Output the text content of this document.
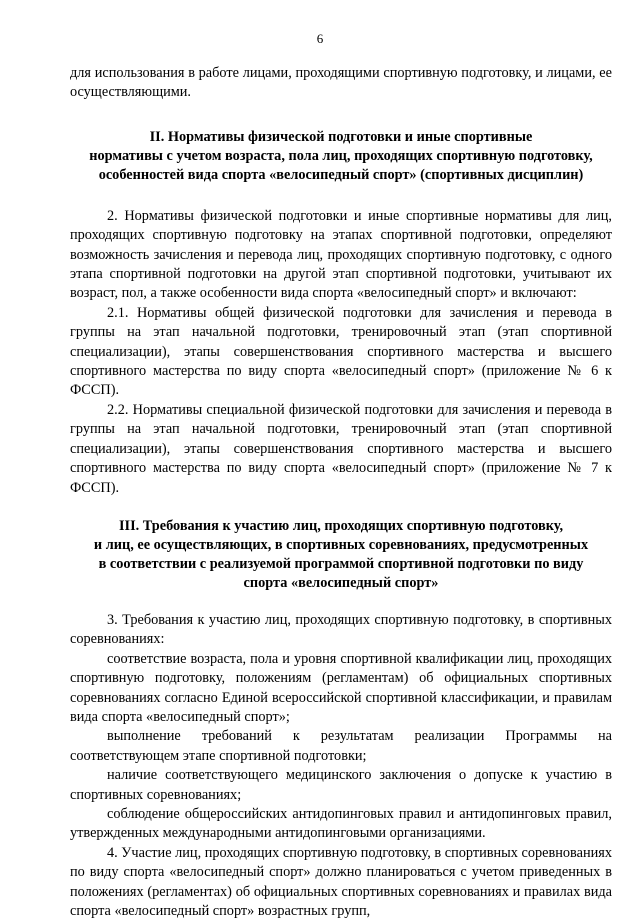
6

для использования в работе лицами, проходящими спортивную подготовку, и лицами, ее осуществляющими.

II. Нормативы физической подготовки и иные спортивные
нормативы с учетом возраста, пола лиц, проходящих спортивную подготовку,
особенностей вида спорта «велосипедный спорт» (спортивных дисциплин)

2. Нормативы физической подготовки и иные спортивные нормативы для лиц, проходящих спортивную подготовку на этапах спортивной подготовки, определяют возможность зачисления и перевода лиц, проходящих спортивную подготовку, с одного этапа спортивной подготовки на другой этап спортивной подготовки, учитывают их возраст, пол, а также особенности вида спорта «велосипедный спорт» и включают:

2.1. Нормативы общей физической подготовки для зачисления и перевода в группы на этап начальной подготовки, тренировочный этап (этап спортивной специализации), этапы совершенствования спортивного мастерства и высшего спортивного мастерства по виду спорта «велосипедный спорт» (приложение № 6 к ФССП).

2.2. Нормативы специальной физической подготовки для зачисления и перевода в группы на этап начальной подготовки, тренировочный этап (этап спортивной специализации), этапы совершенствования спортивного мастерства и высшего спортивного мастерства по виду спорта «велосипедный спорт» (приложение № 7 к ФССП).

III. Требования к участию лиц, проходящих спортивную подготовку,
и лиц, ее осуществляющих, в спортивных соревнованиях, предусмотренных
в соответствии с реализуемой программой спортивной подготовки по виду
спорта «велосипедный спорт»

3. Требования к участию лиц, проходящих спортивную подготовку, в спортивных соревнованиях:

соответствие возраста, пола и уровня спортивной квалификации лиц, проходящих спортивную подготовку, положениям (регламентам) об официальных спортивных соревнованиях согласно Единой всероссийской спортивной классификации, и правилам вида спорта «велосипедный спорт»;

выполнение требований к результатам реализации Программы на соответствующем этапе спортивной подготовки;

наличие соответствующего медицинского заключения о допуске к участию в спортивных соревнованиях;

соблюдение общероссийских антидопинговых правил и антидопинговых правил, утвержденных международными антидопинговыми организациями.

4. Участие лиц, проходящих спортивную подготовку, в спортивных соревнованиях по виду спорта «велосипедный спорт» должно планироваться с учетом приведенных в положениях (регламентах) об официальных спортивных соревнованиях и правилах вида спорта «велосипедный спорт» возрастных групп,
